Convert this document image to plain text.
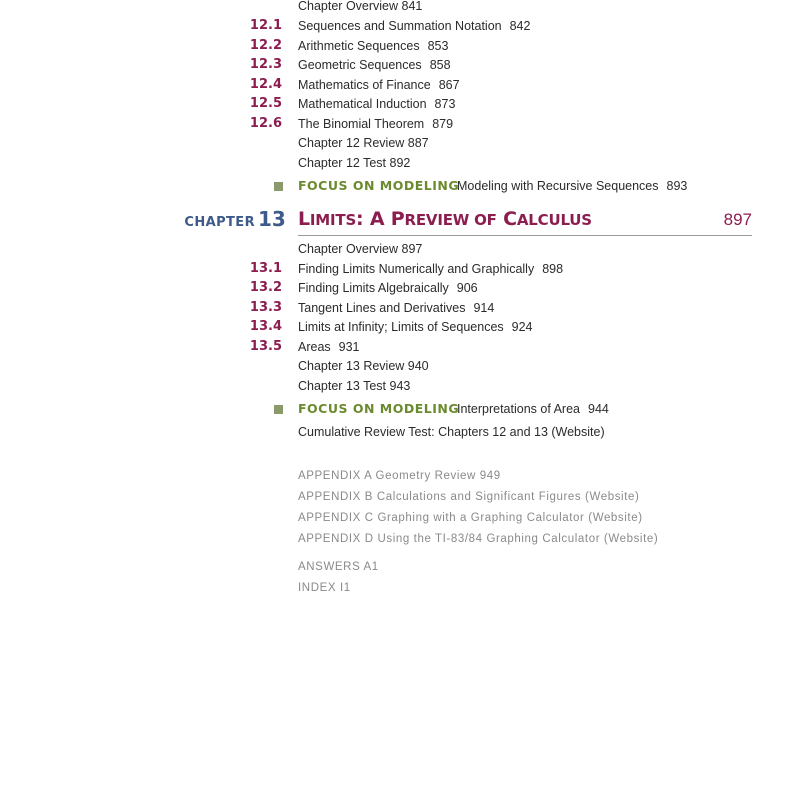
Chapter Overview 841
12.1 Sequences and Summation Notation 842
12.2 Arithmetic Sequences 853
12.3 Geometric Sequences 858
12.4 Mathematics of Finance 867
12.5 Mathematical Induction 873
12.6 The Binomial Theorem 879
Chapter 12 Review 887
Chapter 12 Test 892
FOCUS ON MODELING
Modeling with Recursive Sequences 893
CHAPTER 13 LIMITS: A PREVIEW OF CALCULUS	897
Chapter Overview 897
13.1 Finding Limits Numerically and Graphically 898
13.2 Finding Limits Algebraically 906
13.3 Tangent Lines and Derivatives 914
13.4 Limits at Infinity; Limits of Sequences 924
13.5 Areas 931
Chapter 13 Review 940
Chapter 13 Test 943
FOCUS ON MODELING
Interpretations of Area 944
Cumulative Review Test: Chapters 12 and 13 (Website)
APPENDIX A Geometry Review 949
APPENDIX B Calculations and Significant Figures (Website)
APPENDIX C Graphing with a Graphing Calculator (Website)
APPENDIX D Using the TI-83/84 Graphing Calculator (Website)
ANSWERS A1
INDEX I1
